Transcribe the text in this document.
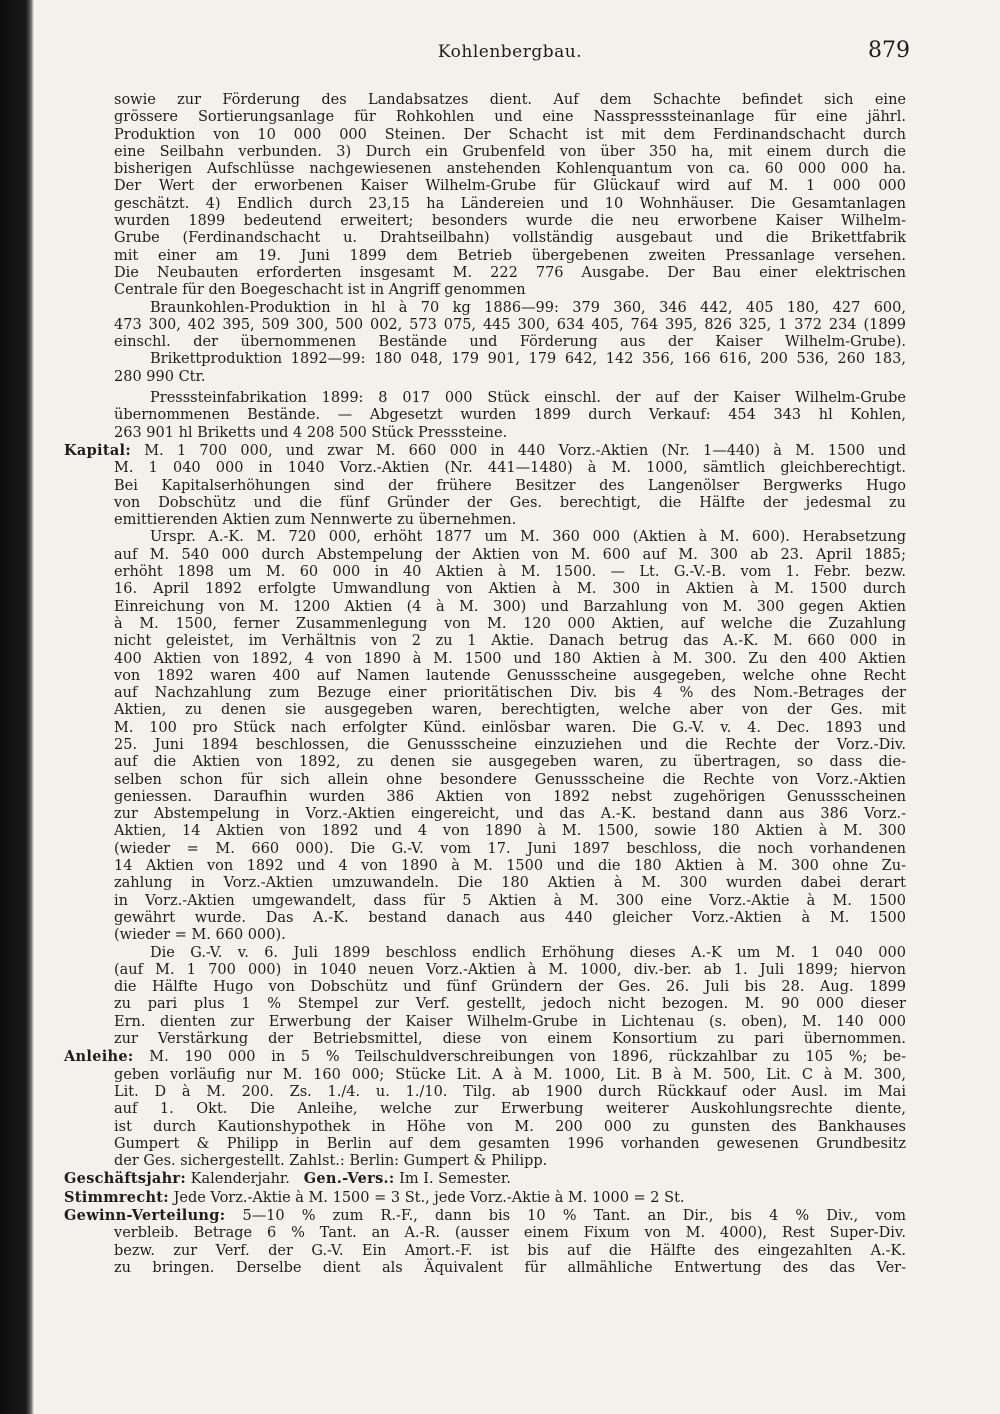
Kohlenbergbau.	879
sowie zur Förderung des Landabsatzes dient. Auf dem Schachte befindet sich eine
grössere Sortierungsanlage für Rohkohlen und eine Nasspresssteinanlage für eine jährl.
Produktion von 10 000 000 Steinen. Der Schacht ist mit dem Ferdinandschacht durch
eine Seilbahn verbunden. 3) Durch ein Grubenfeld von über 350 ha, mit einem durch die
bisherigen Aufschlüsse nachgewiesenen anstehenden Kohlenquantum von ca. 60 000 000 ha.
Der Wert der erworbenen Kaiser Wilhelm-Grube für Glückauf wird auf M. 1 000 000
geschätzt. 4) Endlich durch 23,15 ha Ländereien und 10 Wohnhäuser. Die Gesamtanlagen
wurden 1899 bedeutend erweitert; besonders wurde die neu erworbene Kaiser Wilhelm-
Grube (Ferdinandschacht u. Drahtseilbahn) vollständig ausgebaut und die Brikettfabrik
mit einer am 19. Juni 1899 dem Betrieb übergebenen zweiten Pressanlage versehen.
Die Neubauten erforderten insgesamt M. 222 776 Ausgabe. Der Bau einer elektrischen
Centrale für den Boegeschacht ist in Angriff genommen
Braunkohlen-Produktion in hl à 70 kg 1886—99: 379 360, 346 442, 405 180, 427 600,
473 300, 402 395, 509 300, 500 002, 573 075, 445 300, 634 405, 764 395, 826 325, 1 372 234 (1899
einschl. der übernommenen Bestände und Förderung aus der Kaiser Wilhelm-Grube).
Brikettproduktion 1892—99: 180 048, 179 901, 179 642, 142 356, 166 616, 200 536, 260 183,
280 990 Ctr.
Presssteinfabrikation 1899: 8 017 000 Stück einschl. der auf der Kaiser Wilhelm-Grube
übernommenen Bestände. — Abgesetzt wurden 1899 durch Verkauf: 454 343 hl Kohlen,
263 901 hl Briketts und 4 208 500 Stück Presssteine.
Kapital: M. 1 700 000, und zwar M. 660 000 in 440 Vorz.-Aktien (Nr. 1—440) à M. 1500 und
M. 1 040 000 in 1040 Vorz.-Aktien (Nr. 441—1480) à M. 1000, sämtlich gleichberechtigt.
Bei Kapitalserhöhungen sind der frühere Besitzer des Langenölser Bergwerks Hugo
von Dobschütz und die fünf Gründer der Ges. berechtigt, die Hälfte der jedesmal zu
emittierenden Aktien zum Nennwerte zu übernehmen.
Urspr. A.-K. M. 720 000, erhöht 1877 um M. 360 000 (Aktien à M. 600). Herabsetzung
auf M. 540 000 durch Abstempelung der Aktien von M. 600 auf M. 300 ab 23. April 1885;
erhöht 1898 um M. 60 000 in 40 Aktien à M. 1500. — Lt. G.-V.-B. vom 1. Febr. bezw.
16. April 1892 erfolgte Umwandlung von Aktien à M. 300 in Aktien à M. 1500 durch
Einreichung von M. 1200 Aktien (4 à M. 300) und Barzahlung von M. 300 gegen Aktien
à M. 1500, ferner Zusammenlegung von M. 120 000 Aktien, auf welche die Zuzahlung
nicht geleistet, im Verhältnis von 2 zu 1 Aktie. Danach betrug das A.-K. M. 660 000 in
400 Aktien von 1892, 4 von 1890 à M. 1500 und 180 Aktien à M. 300. Zu den 400 Aktien
von 1892 waren 400 auf Namen lautende Genussscheine ausgegeben, welche ohne Recht
auf Nachzahlung zum Bezuge einer prioritätischen Div. bis 4 % des Nom.-Betrages der
Aktien, zu denen sie ausgegeben waren, berechtigten, welche aber von der Ges. mit
M. 100 pro Stück nach erfolgter Künd. einlösbar waren. Die G.-V. v. 4. Dec. 1893 und
25. Juni 1894 beschlossen, die Genussscheine einzuziehen und die Rechte der Vorz.-Div.
auf die Aktien von 1892, zu denen sie ausgegeben waren, zu übertragen, so dass die-
selben schon für sich allein ohne besondere Genussscheine die Rechte von Vorz.-Aktien
geniessen. Daraufhin wurden 386 Aktien von 1892 nebst zugehörigen Genussscheinen
zur Abstempelung in Vorz.-Aktien eingereicht, und das A.-K. bestand dann aus 386 Vorz.-
Aktien, 14 Aktien von 1892 und 4 von 1890 à M. 1500, sowie 180 Aktien à M. 300
(wieder = M. 660 000). Die G.-V. vom 17. Juni 1897 beschloss, die noch vorhandenen
14 Aktien von 1892 und 4 von 1890 à M. 1500 und die 180 Aktien à M. 300 ohne Zu-
zahlung in Vorz.-Aktien umzuwandeln. Die 180 Aktien à M. 300 wurden dabei derart
in Vorz.-Aktien umgewandelt, dass für 5 Aktien à M. 300 eine Vorz.-Aktie à M. 1500
gewährt wurde. Das A.-K. bestand danach aus 440 gleicher Vorz.-Aktien à M. 1500
(wieder = M. 660 000).
Die G.-V. v. 6. Juli 1899 beschloss endlich Erhöhung dieses A.-K um M. 1 040 000
(auf M. 1 700 000) in 1040 neuen Vorz.-Aktien à M. 1000, div.-ber. ab 1. Juli 1899; hiervon
die Hälfte Hugo von Dobschütz und fünf Gründern der Ges. 26. Juli bis 28. Aug. 1899
zu pari plus 1 % Stempel zur Verf. gestellt, jedoch nicht bezogen. M. 90 000 dieser
Ern. dienten zur Erwerbung der Kaiser Wilhelm-Grube in Lichtenau (s. oben), M. 140 000
zur Verstärkung der Betriebsmittel, diese von einem Konsortium zu pari übernommen.
Anleihe: M. 190 000 in 5 % Teilschuldverschreibungen von 1896, rückzahlbar zu 105 %; be-
geben vorläufig nur M. 160 000; Stücke Lit. A à M. 1000, Lit. B à M. 500, Lit. C à M. 300,
Lit. D à M. 200. Zs. 1./4. u. 1./10. Tilg. ab 1900 durch Rückkauf oder Ausl. im Mai
auf 1. Okt. Die Anleihe, welche zur Erwerbung weiterer Auskohlungsrechte diente,
ist durch Kautionshypothek in Höhe von M. 200 000 zu gunsten des Bankhauses
Gumpert & Philipp in Berlin auf dem gesamten 1996 vorhanden gewesenen Grundbesitz
der Ges. sichergestellt. Zahlst.: Berlin: Gumpert & Philipp.
Geschäftsjahr: Kalenderjahr. Gen.-Vers.: Im I. Semester.
Stimmrecht: Jede Vorz.-Aktie à M. 1500 = 3 St., jede Vorz.-Aktie à M. 1000 = 2 St.
Gewinn-Verteilung: 5—10 % zum R.-F., dann bis 10 % Tant. an Dir., bis 4 % Div., vom
verbleib. Betrage 6 % Tant. an A.-R. (ausser einem Fixum von M. 4000), Rest Super-Div.
bezw. zur Verf. der G.-V. Ein Amort.-F. ist bis auf die Hälfte des eingezahlten A.-K.
zu bringen. Derselbe dient als Äquivalent für allmähliche Entwertung des das Ver-
